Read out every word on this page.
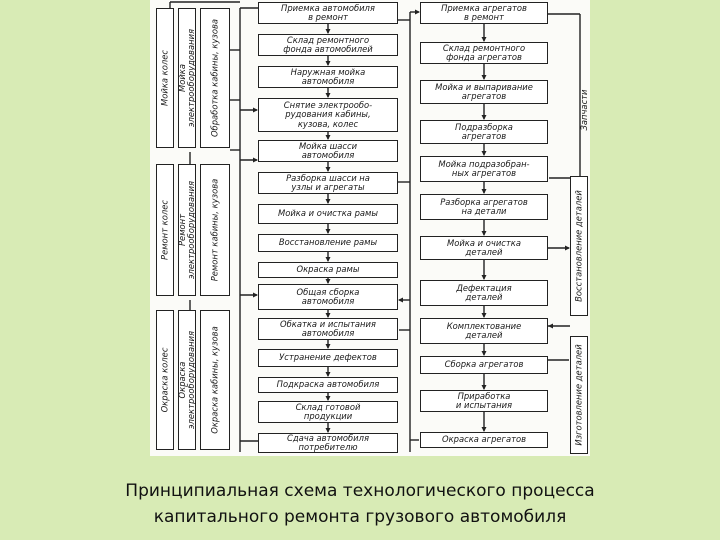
Приемка автомобиля
в ремонт
Склад ремонтного
фонда автомобилей
Наружная мойка
автомобиля
Снятие электрообо-
рудования кабины,
кузова, колес
Мойка шасси
автомобиля
Разборка шасси на
узлы и агрегаты
Мойка и очистка рамы
Восстановление рамы
Окраска рамы
Общая сборка
автомобиля
Обкатка и испытания
автомобиля
Устранение дефектов
Подкраска автомобиля
Склад готовой
продукции
Сдача автомобиля
потребителю
Приемка агрегатов
в ремонт
Склад ремонтного
фонда агрегатов
Мойка и выпаривание
агрегатов
Подразборка
агрегатов
Мойка подразобран-
ных агрегатов
Разборка агрегатов
на детали
Мойка и очистка
деталей
Дефектация
деталей
Комплектование
деталей
Сборка агрегатов
Приработка
и испытания
Окраска агрегатов
Мойка колес Мойка
электрооборудования Обработка кабины, кузова
Ремонт колес Ремонт
электрооборудования Ремонт кабины, кузова
Окраска колес Окраска
электрооборудования Окраска кабины, кузова
Запчасти
Восстановление деталей
Изготовление деталей
Принципиальная схема технологического процесса
капитального ремонта грузового автомобиля
